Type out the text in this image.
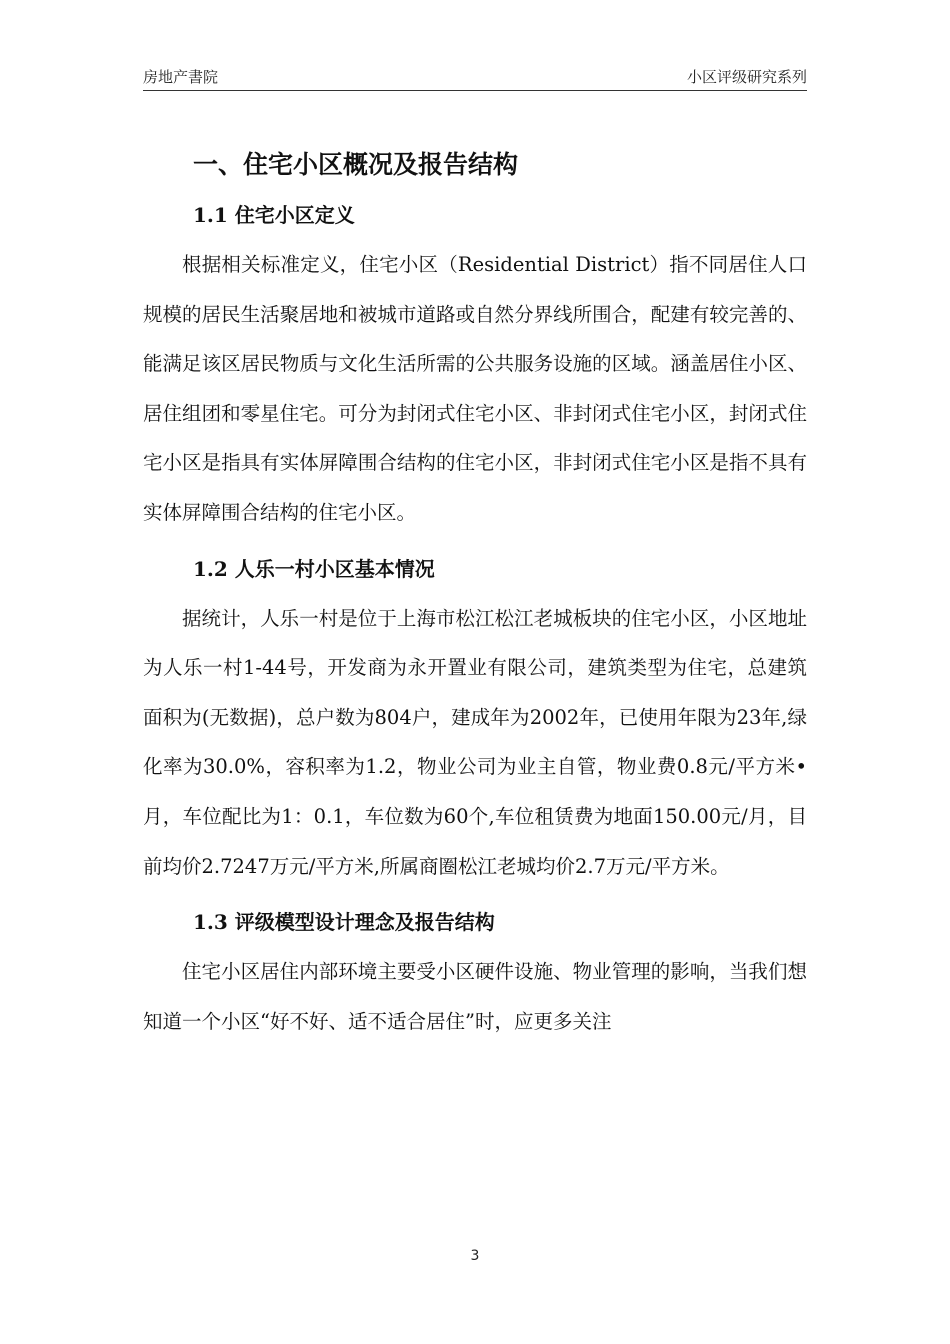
房地产書院	小区评级研究系列
一、住宅小区概况及报告结构
1.1 住宅小区定义

根据相关标准定义，住宅小区（Residential District）指不同居住人口规模的居民生活聚居地和被城市道路或自然分界线所围合，配建有较完善的、能满足该区居民物质与文化生活所需的公共服务设施的区域。涵盖居住小区、居住组团和零星住宅。可分为封闭式住宅小区、非封闭式住宅小区，封闭式住宅小区是指具有实体屏障围合结构的住宅小区，非封闭式住宅小区是指不具有实体屏障围合结构的住宅小区。

1.2 人乐一村小区基本情况

据统计，人乐一村是位于上海市松江松江老城板块的住宅小区，小区地址为人乐一村1-44号，开发商为永开置业有限公司，建筑类型为住宅，总建筑面积为(无数据)，总户数为804户，建成年为2002年，已使用年限为23年,绿化率为30.0%，容积率为1.2，物业公司为业主自管，物业费0.8元/平方米•月，车位配比为1：0.1，车位数为60个,车位租赁费为地面150.00元/月，目前均价2.7247万元/平方米,所属商圈松江老城均价2.7万元/平方米。

1.3 评级模型设计理念及报告结构

住宅小区居住内部环境主要受小区硬件设施、物业管理的影响，当我们想知道一个小区“好不好、适不适合居住”时，应更多关注

3
